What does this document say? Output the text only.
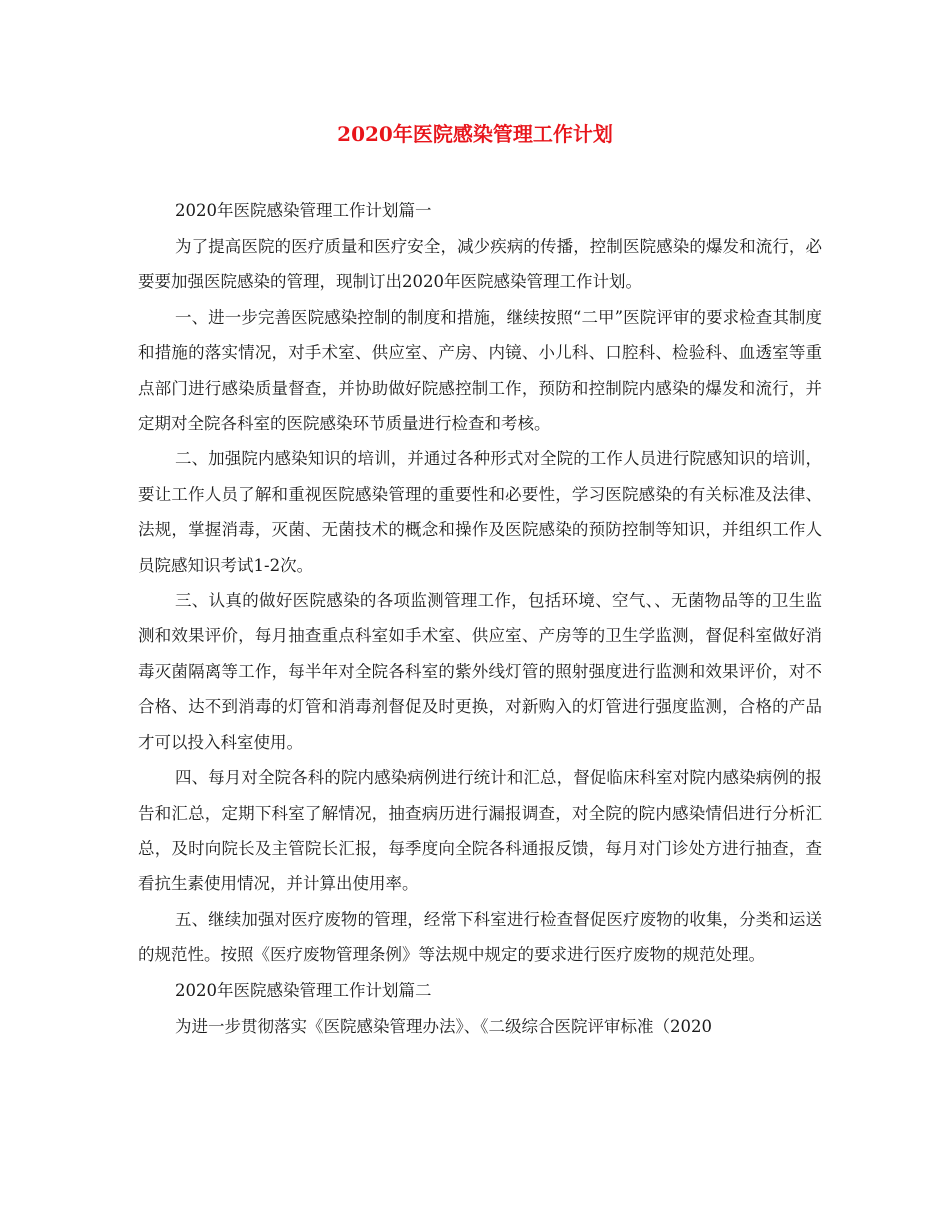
2020年医院感染管理工作计划

2020年医院感染管理工作计划篇一

为了提高医院的医疗质量和医疗安全，减少疾病的传播，控制医院感染的爆发和流行，必要要加强医院感染的管理，现制订出2020年医院感染管理工作计划。

一、进一步完善医院感染控制的制度和措施，继续按照“二甲”医院评审的要求检查其制度和措施的落实情况，对手术室、供应室、产房、内镜、小儿科、口腔科、检验科、血透室等重点部门进行感染质量督查，并协助做好院感控制工作，预防和控制院内感染的爆发和流行，并定期对全院各科室的医院感染环节质量进行检查和考核。

二、加强院内感染知识的培训，并通过各种形式对全院的工作人员进行院感知识的培训，要让工作人员了解和重视医院感染管理的重要性和必要性，学习医院感染的有关标准及法律、法规，掌握消毒，灭菌、无菌技术的概念和操作及医院感染的预防控制等知识，并组织工作人员院感知识考试1-2次。

三、认真的做好医院感染的各项监测管理工作，包括环境、空气、、无菌物品等的卫生监测和效果评价，每月抽查重点科室如手术室、供应室、产房等的卫生学监测，督促科室做好消毒灭菌隔离等工作，每半年对全院各科室的紫外线灯管的照射强度进行监测和效果评价，对不合格、达不到消毒的灯管和消毒剂督促及时更换，对新购入的灯管进行强度监测，合格的产品才可以投入科室使用。

四、每月对全院各科的院内感染病例进行统计和汇总，督促临床科室对院内感染病例的报告和汇总，定期下科室了解情况，抽查病历进行漏报调查，对全院的院内感染情侣进行分析汇总，及时向院长及主管院长汇报，每季度向全院各科通报反馈，每月对门诊处方进行抽查，查看抗生素使用情况，并计算出使用率。

五、继续加强对医疗废物的管理，经常下科室进行检查督促医疗废物的收集，分类和运送的规范性。按照《医疗废物管理条例》等法规中规定的要求进行医疗废物的规范处理。

2020年医院感染管理工作计划篇二

为进一步贯彻落实《医院感染管理办法》、《二级综合医院评审标准（2020
